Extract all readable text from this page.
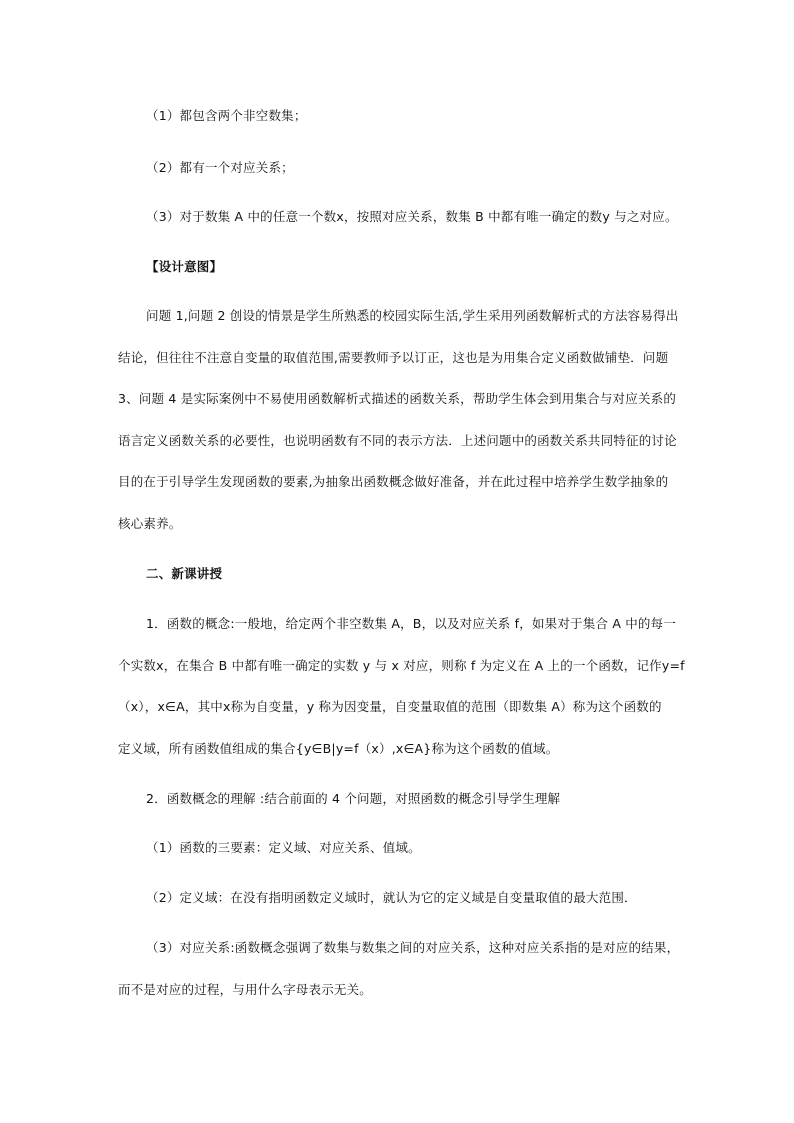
（1）都包含两个非空数集；
（2）都有一个对应关系；
（3）对于数集 A 中的任意一个数x，按照对应关系，数集 B 中都有唯一确定的数y 与之对应。
【设计意图】
问题 1,问题 2 创设的情景是学生所熟悉的校园实际生活,学生采用列函数解析式的方法容易得出
结论，但往往不注意自变量的取值范围,需要教师予以订正，这也是为用集合定义函数做铺垫．问题
3、问题 4 是实际案例中不易使用函数解析式描述的函数关系，帮助学生体会到用集合与对应关系的
语言定义函数关系的必要性，也说明函数有不同的表示方法．上述问题中的函数关系共同特征的讨论
目的在于引导学生发现函数的要素,为抽象出函数概念做好准备，并在此过程中培养学生数学抽象的
核心素养。
二、新课讲授
1．函数的概念:一般地，给定两个非空数集 A，B，以及对应关系 f，如果对于集合 A 中的每一
个实数x，在集合 B 中都有唯一确定的实数 y 与 x 对应，则称 f 为定义在 A 上的一个函数，记作y=f
（x），x∈A，其中x称为自变量，y 称为因变量，自变量取值的范围（即数集 A）称为这个函数的
定义域，所有函数值组成的集合{y∈B|y=f（x）,x∈A}称为这个函数的值域。
2．函数概念的理解 :结合前面的 4 个问题，对照函数的概念引导学生理解
（1）函数的三要素：定义域、对应关系、值域。
（2）定义域：在没有指明函数定义域时，就认为它的定义域是自变量取值的最大范围．
（3）对应关系:函数概念强调了数集与数集之间的对应关系，这种对应关系指的是对应的结果，
而不是对应的过程，与用什么字母表示无关。
